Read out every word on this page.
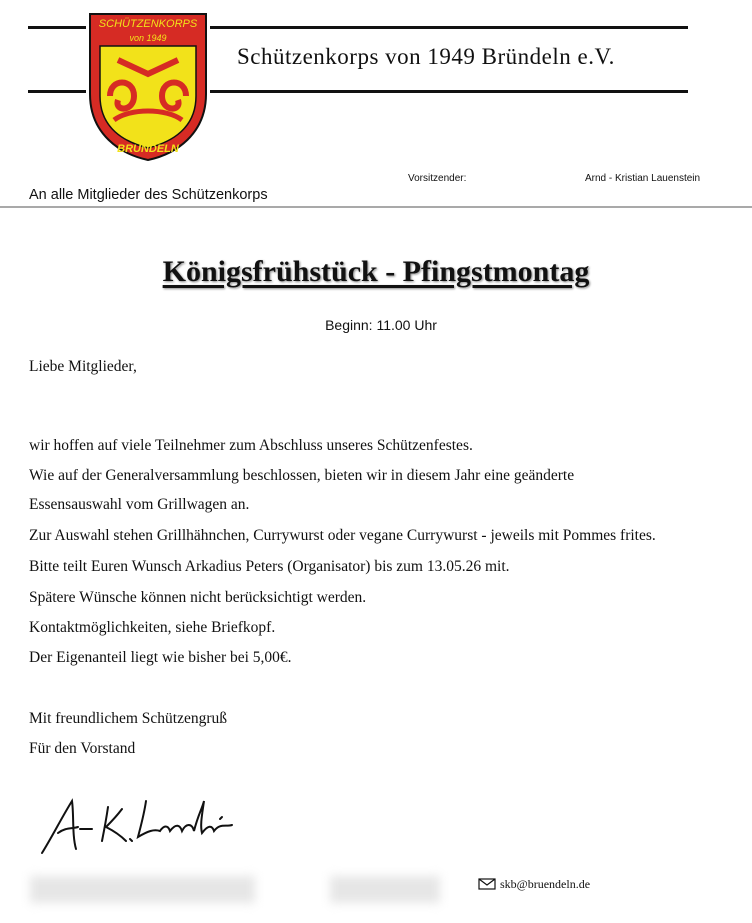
SCHÜTZENKORPS
von 1949
BRÜNDELN
Schützenkorps von 1949 Bründeln e.V.
Vorsitzender:	Arnd - Kristian Lauenstein
An alle Mitglieder des Schützenkorps
Königsfrühstück - Pfingstmontag
Beginn: 11.00 Uhr
Liebe Mitglieder,
wir hoffen auf viele Teilnehmer zum Abschluss unseres Schützenfestes.
Wie auf der Generalversammlung beschlossen, bieten wir in diesem Jahr eine geänderte
Essensauswahl vom Grillwagen an.
Zur Auswahl stehen Grillhähnchen, Currywurst oder vegane Currywurst - jeweils mit Pommes frites.
Bitte teilt Euren Wunsch Arkadius Peters (Organisator) bis zum 13.05.26 mit.
Spätere Wünsche können nicht berücksichtigt werden.
Kontaktmöglichkeiten, siehe Briefkopf.
Der Eigenanteil liegt wie bisher bei 5,00€.
Mit freundlichem Schützengruß
Für den Vorstand
skb@bruendeln.de
